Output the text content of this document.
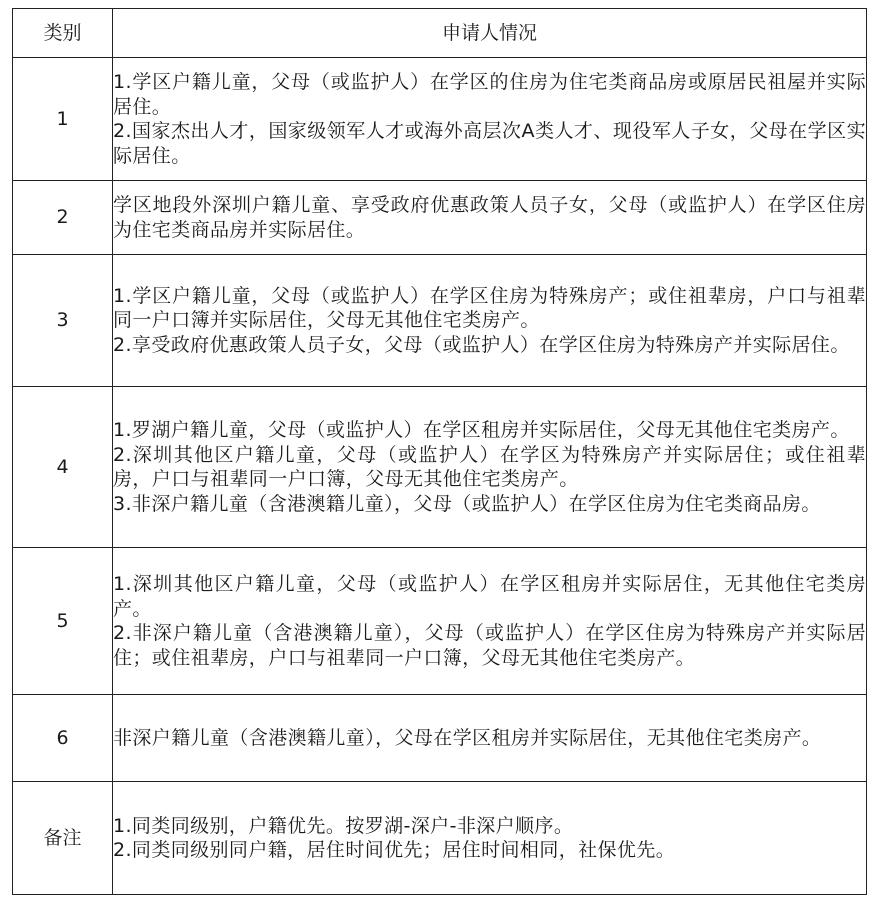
类别	申请人情况
1	1.学区户籍儿童，父母（或监护人）在学区的住房为住宅类商品房或原居民祖屋并实际居住。
2.国家杰出人才，国家级领军人才或海外高层次A类人才、现役军人子女，父母在学区实际居住。

2	学区地段外深圳户籍儿童、享受政府优惠政策人员子女，父母（或监护人）在学区住房为住宅类商品房并实际居住。

3	1.学区户籍儿童，父母（或监护人）在学区住房为特殊房产；或住祖辈房，户口与祖辈同一户口簿并实际居住，父母无其他住宅类房产。
2.享受政府优惠政策人员子女，父母（或监护人）在学区住房为特殊房产并实际居住。

4	1.罗湖户籍儿童，父母（或监护人）在学区租房并实际居住，父母无其他住宅类房产。
2.深圳其他区户籍儿童，父母（或监护人）在学区为特殊房产并实际居住；或住祖辈房，户口与祖辈同一户口簿，父母无其他住宅类房产。
3.非深户籍儿童（含港澳籍儿童），父母（或监护人）在学区住房为住宅类商品房。

5	1.深圳其他区户籍儿童，父母（或监护人）在学区租房并实际居住，无其他住宅类房产。
2.非深户籍儿童（含港澳籍儿童），父母（或监护人）在学区住房为特殊房产并实际居住；或住祖辈房，户口与祖辈同一户口簿，父母无其他住宅类房产。

6	非深户籍儿童（含港澳籍儿童），父母在学区租房并实际居住，无其他住宅类房产。

备注	1.同类同级别，户籍优先。按罗湖-深户-非深户顺序。
2.同类同级别同户籍，居住时间优先；居住时间相同，社保优先。
